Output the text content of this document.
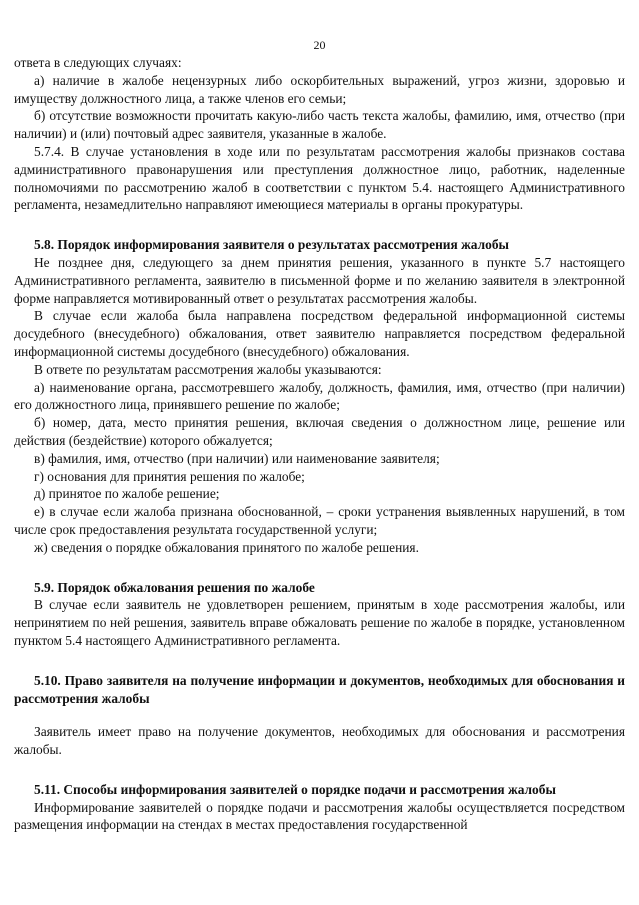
20

ответа в следующих случаях:

а) наличие в жалобе нецензурных либо оскорбительных выражений, угроз жизни, здоровью и имуществу должностного лица, а также членов его семьи;

б) отсутствие возможности прочитать какую-либо часть текста жалобы, фамилию, имя, отчество (при наличии) и (или) почтовый адрес заявителя, указанные в жалобе.

5.7.4. В случае установления в ходе или по результатам рассмотрения жалобы признаков состава административного правонарушения или преступления должностное лицо, работник, наделенные полномочиями по рассмотрению жалоб в соответствии с пунктом 5.4. настоящего Административного регламента, незамедлительно направляют имеющиеся материалы в органы прокуратуры.

5.8. Порядок информирования заявителя о результатах рассмотрения жалобы

Не позднее дня, следующего за днем принятия решения, указанного в пункте 5.7 настоящего Административного регламента, заявителю в письменной форме и по желанию заявителя в электронной форме направляется мотивированный ответ о результатах рассмотрения жалобы.

В случае если жалоба была направлена посредством федеральной информационной системы досудебного (внесудебного) обжалования, ответ заявителю направляется посредством федеральной информационной системы досудебного (внесудебного) обжалования.

В ответе по результатам рассмотрения жалобы указываются:

а) наименование органа, рассмотревшего жалобу, должность, фамилия, имя, отчество (при наличии) его должностного лица, принявшего решение по жалобе;

б) номер, дата, место принятия решения, включая сведения о должностном лице, решение или действия (бездействие) которого обжалуется;

в) фамилия, имя, отчество (при наличии) или наименование заявителя;

г) основания для принятия решения по жалобе;

д) принятое по жалобе решение;

е) в случае если жалоба признана обоснованной, – сроки устранения выявленных нарушений, в том числе срок предоставления результата государственной услуги;

ж) сведения о порядке обжалования принятого по жалобе решения.

5.9. Порядок обжалования решения по жалобе

В случае если заявитель не удовлетворен решением, принятым в ходе рассмотрения жалобы, или непринятием по ней решения, заявитель вправе обжаловать решение по жалобе в порядке, установленном пунктом 5.4 настоящего Административного регламента.

5.10. Право заявителя на получение информации и документов, необходимых для обоснования и рассмотрения жалобы

Заявитель имеет право на получение документов, необходимых для обоснования и рассмотрения жалобы.

5.11. Способы информирования заявителей о порядке подачи и рассмотрения жалобы

Информирование заявителей о порядке подачи и рассмотрения жалобы осуществляется посредством размещения информации на стендах в местах предоставления государственной
